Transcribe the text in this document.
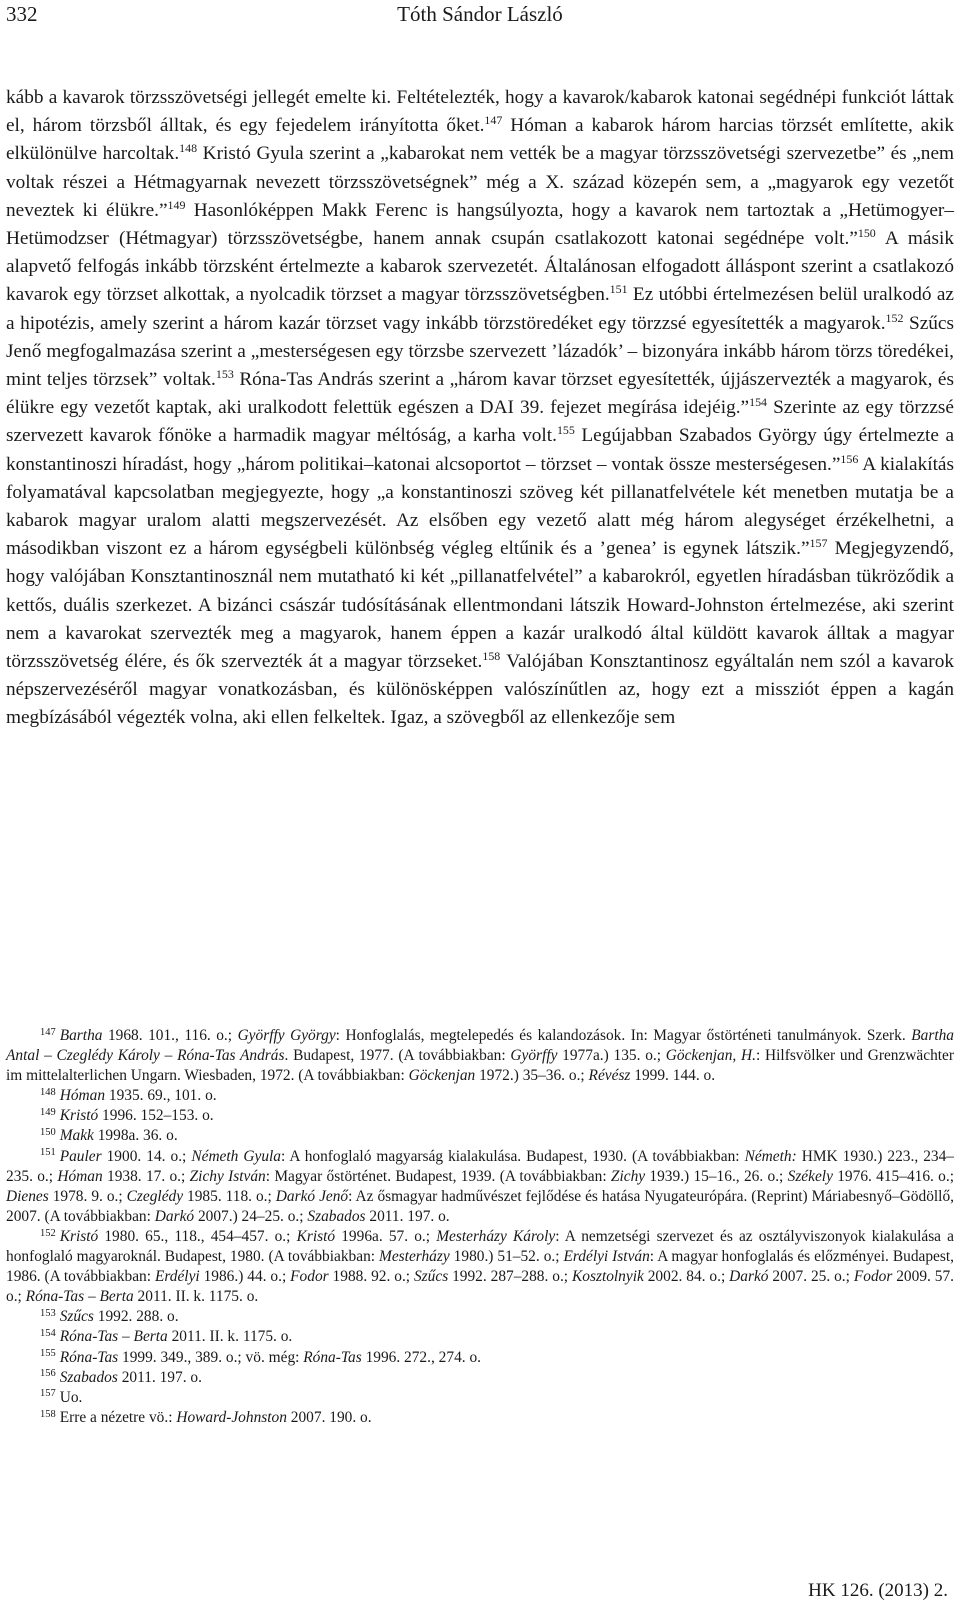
332	Tóth Sándor László

kább a kavarok törzsszövetségi jellegét emelte ki. Feltételezték, hogy a kavarok/kabarok katonai segédnépi funkciót láttak el, három törzsből álltak, és egy fejedelem irányította őket.$^{147}$ Hóman a kabarok három harcias törzsét említette, akik elkülönülve harcoltak.$^{148}$ Kristó Gyula szerint a „kabarokat nem vették be a magyar törzsszövetségi szervezetbe” és „nem voltak részei a Hétmagyarnak nevezett törzsszövetségnek” még a X. század közepén sem, a „magyarok egy vezetőt neveztek ki élükre.”$^{149}$ Hasonlóképpen Makk Ferenc is hangsúlyozta, hogy a kavarok nem tartoztak a „Hetümogyer–Hetümodzser (Hétmagyar) törzsszövetségbe, hanem annak csupán csatlakozott katonai segédnépe volt.”$^{150}$ A másik alapvető felfogás inkább törzsként értelmezte a kabarok szervezetét. Általánosan elfogadott álláspont szerint a csatlakozó kavarok egy törzset alkottak, a nyolcadik törzset a magyar törzsszövetségben.$^{151}$ Ez utóbbi értelmezésen belül uralkodó az a hipotézis, amely szerint a három kazár törzset vagy inkább törzstöredéket egy törzzsé egyesítették a magyarok.$^{152}$ Szűcs Jenő megfogalmazása szerint a „mesterségesen egy törzsbe szervezett ’lázadók’ – bizonyára inkább három törzs töredékei, mint teljes törzsek” voltak.$^{153}$ Róna-Tas András szerint a „három kavar törzset egyesítették, újjászervezték a magyarok, és élükre egy vezetőt kaptak, aki uralkodott felettük egészen a DAI 39. fejezet megírása idejéig.”$^{154}$ Szerinte az egy törzzsé szervezett kavarok főnöke a harmadik magyar méltóság, a karha volt.$^{155}$ Legújabban Szabados György úgy értelmezte a konstantinoszi híradást, hogy „három politikai–katonai alcsoportot – törzset – vontak össze mesterségesen.”$^{156}$ A kialakítás folyamatával kapcsolatban megjegyezte, hogy „a konstantinoszi szöveg két pillanatfelvétele két menetben mutatja be a kabarok magyar uralom alatti megszervezését. Az elsőben egy vezető alatt még három alegységet érzékelhetni, a másodikban viszont ez a három egységbeli különbség végleg eltűnik és a ’genea’ is egynek látszik.”$^{157}$ Megjegyzendő, hogy valójában Konsztantinosznál nem mutatható ki két „pillanatfelvétel” a kabarokról, egyetlen híradásban tükröződik a kettős, duális szerkezet. A bizánci császár tudósításának ellentmondani látszik Howard-Johnston értelmezése, aki szerint nem a kavarokat szervezték meg a magyarok, hanem éppen a kazár uralkodó által küldött kavarok álltak a magyar törzsszövetség élére, és ők szervezték át a magyar törzseket.$^{158}$ Valójában Konsztantinosz egyáltalán nem szól a kavarok népszervezéséről magyar vonatkozásban, és különösképpen valószínűtlen az, hogy ezt a missziót éppen a kagán megbízásából végezték volna, aki ellen felkeltek. Igaz, a szövegből az ellenkezője sem

$^{147}$ Bartha 1968. 101., 116. o.; Györffy György: Honfoglalás, megtelepedés és kalandozások. In: Magyar őstörténeti tanulmányok. Szerk. Bartha Antal – Czeglédy Károly – Róna-Tas András. Budapest, 1977. (A továbbiakban: Györffy 1977a.) 135. o.; Göckenjan, H.: Hilfsvölker und Grenzwächter im mittelalterlichen Ungarn. Wiesbaden, 1972. (A továbbiakban: Göckenjan 1972.) 35–36. o.; Révész 1999. 144. o.

$^{148}$ Hóman 1935. 69., 101. o.

$^{149}$ Kristó 1996. 152–153. o.

$^{150}$ Makk 1998a. 36. o.

$^{151}$ Pauler 1900. 14. o.; Németh Gyula: A honfoglaló magyarság kialakulása. Budapest, 1930. (A továbbiakban: Németh: HMK 1930.) 223., 234–235. o.; Hóman 1938. 17. o.; Zichy István: Magyar őstörténet. Budapest, 1939. (A továbbiakban: Zichy 1939.) 15–16., 26. o.; Székely 1976. 415–416. o.; Dienes 1978. 9. o.; Czeglédy 1985. 118. o.; Darkó Jenő: Az ősmagyar hadművészet fejlődése és hatása Nyugateurópára. (Reprint) Máriabesnyő–Gödöllő, 2007. (A továbbiakban: Darkó 2007.) 24–25. o.; Szabados 2011. 197. o.

$^{152}$ Kristó 1980. 65., 118., 454–457. o.; Kristó 1996a. 57. o.; Mesterházy Károly: A nemzetségi szervezet és az osztályviszonyok kialakulása a honfoglaló magyaroknál. Budapest, 1980. (A továbbiakban: Mesterházy 1980.) 51–52. o.; Erdélyi István: A magyar honfoglalás és előzményei. Budapest, 1986. (A továbbiakban: Erdélyi 1986.) 44. o.; Fodor 1988. 92. o.; Szűcs 1992. 287–288. o.; Kosztolnyik 2002. 84. o.; Darkó 2007. 25. o.; Fodor 2009. 57. o.; Róna-Tas – Berta 2011. II. k. 1175. o.

$^{153}$ Szűcs 1992. 288. o.

$^{154}$ Róna-Tas – Berta 2011. II. k. 1175. o.

$^{155}$ Róna-Tas 1999. 349., 389. o.; vö. még: Róna-Tas 1996. 272., 274. o.

$^{156}$ Szabados 2011. 197. o.

$^{157}$ Uo.

$^{158}$ Erre a nézetre vö.: Howard-Johnston 2007. 190. o.

HK 126. (2013) 2.
